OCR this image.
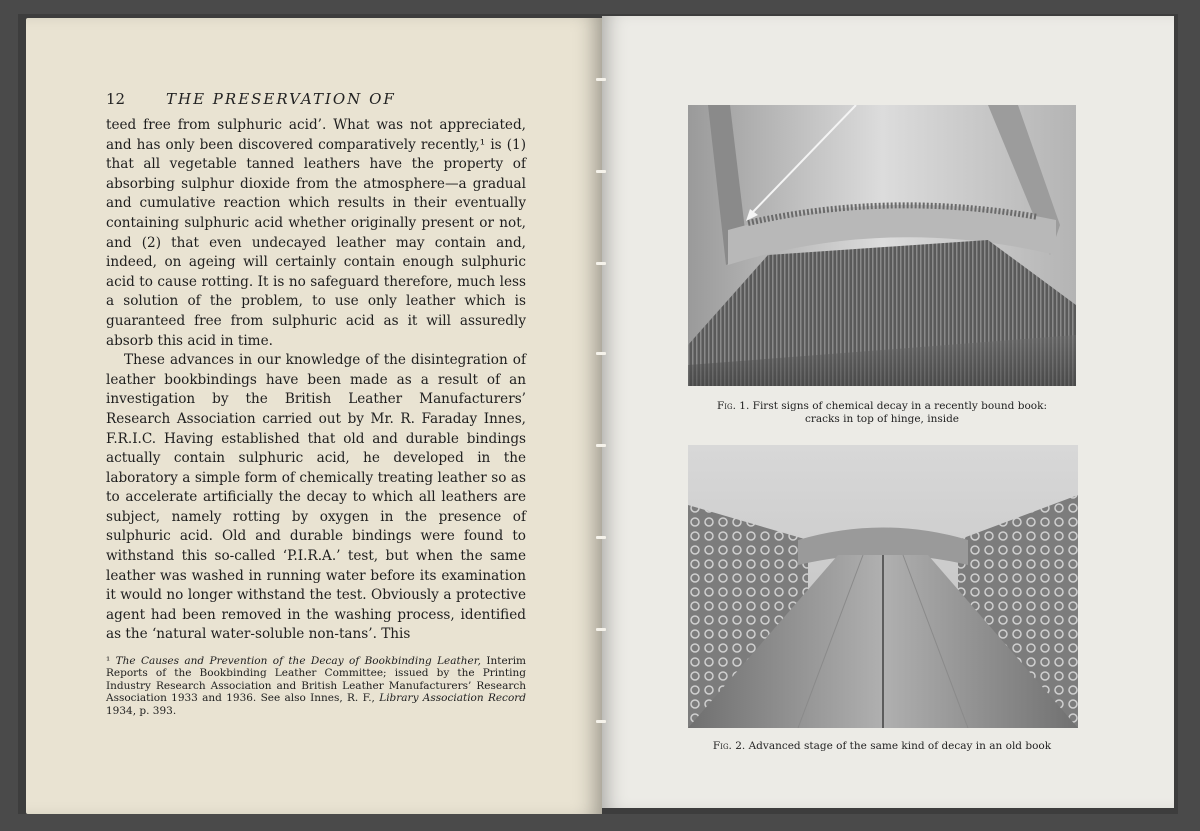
12	THE PRESERVATION OF

teed free from sulphuric acid’. What was not appreciated, and has only been discovered comparatively recently,¹ is (1) that all vegetable tanned leathers have the property of absorbing sulphur dioxide from the atmosphere—a gradual and cumulative reaction which results in their eventually containing sulphuric acid whether originally present or not, and (2) that even undecayed leather may contain and, indeed, on ageing will certainly contain enough sulphuric acid to cause rotting. It is no safeguard therefore, much less a solution of the problem, to use only leather which is guaranteed free from sulphuric acid as it will assuredly absorb this acid in time.

These advances in our knowledge of the disintegration of leather bookbindings have been made as a result of an investigation by the British Leather Manufacturers’ Research Association carried out by Mr. R. Faraday Innes, F.R.I.C. Having established that old and durable bindings actually contain sulphuric acid, he developed in the laboratory a simple form of chemically treating leather so as to accelerate artificially the decay to which all leathers are subject, namely rotting by oxygen in the presence of sulphuric acid. Old and durable bindings were found to withstand this so-called ‘P.I.R.A.’ test, but when the same leather was washed in running water before its examination it would no longer withstand the test. Obviously a protective agent had been removed in the washing process, identified as the ‘natural water-soluble non-tans’. This

¹ The Causes and Prevention of the Decay of Bookbinding Leather, Interim Reports of the Bookbinding Leather Committee; issued by the Printing Industry Research Association and British Leather Manufacturers’ Research Association 1933 and 1936. See also Innes, R. F., Library Association Record 1934, p. 393.
Fig. 1. First signs of chemical decay in a recently bound book:
cracks in top of hinge, inside
Fig. 2. Advanced stage of the same kind of decay in an old book
